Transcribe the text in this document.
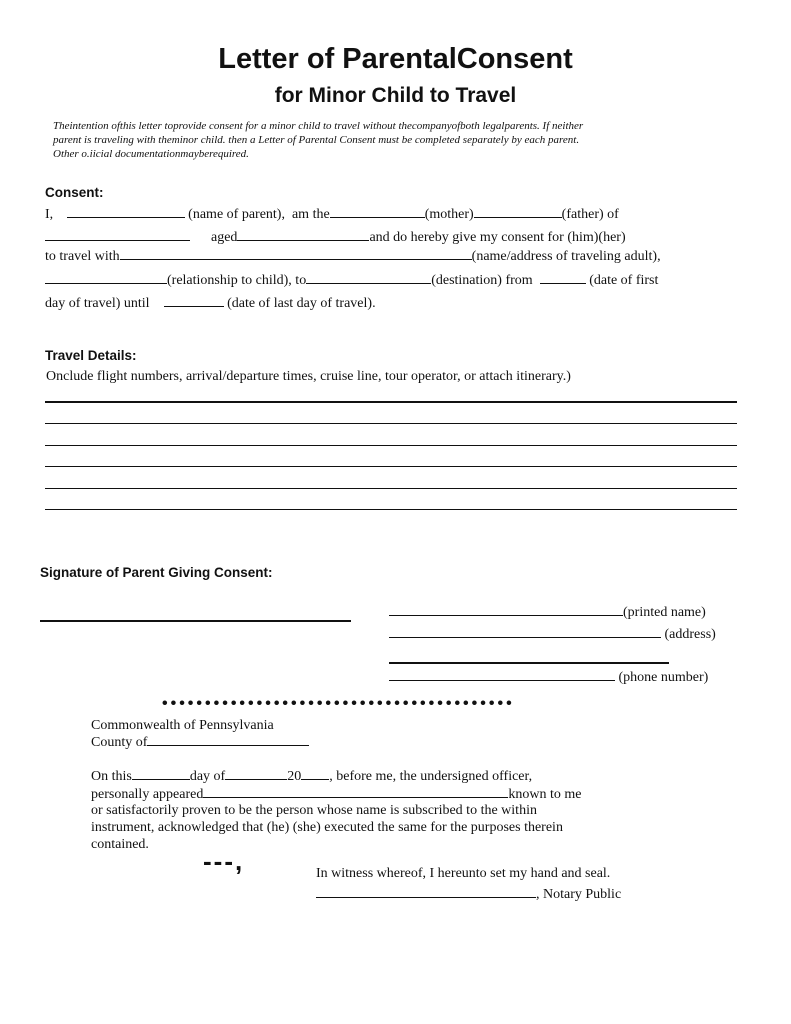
Letter of ParentalConsent
for Minor Child to Travel
Theintention ofthis letter toprovide consent for a minor child to travel without thecompanyofboth legalparents. If neither
parent is traveling with theminor child. then a Letter of Parental Consent must be completed separately by each parent.
Other o.iicial documentationmayberequired.
Consent:
I,	(name of parent), am the	(mother)	(father) of
aged	and do hereby give my consent for (him)(her)
to travel with	(name/address of traveling adult),
(relationship to child), to	(destination) from	(date of first
day of travel) until	(date of last day of travel).
Travel Details:
Onclude flight numbers, arrival/departure times, cruise line, tour operator, or attach itinerary.)
Signature of Parent Giving Consent:
(printed name)
(address)
(phone number)
•••••••••••••••••••••••••••••••••••••••••
Commonwealth of Pennsylvania
County of
On this	day of	20 , before me, the undersigned officer,
personally appeared	known to me
or satisfactorily proven to be the person whose name is subscribed to the within
instrument, acknowledged that (he) (she) executed the same for the purposes therein
contained.
---,	In witness whereof, I hereunto set my hand and seal.
, Notary Public
